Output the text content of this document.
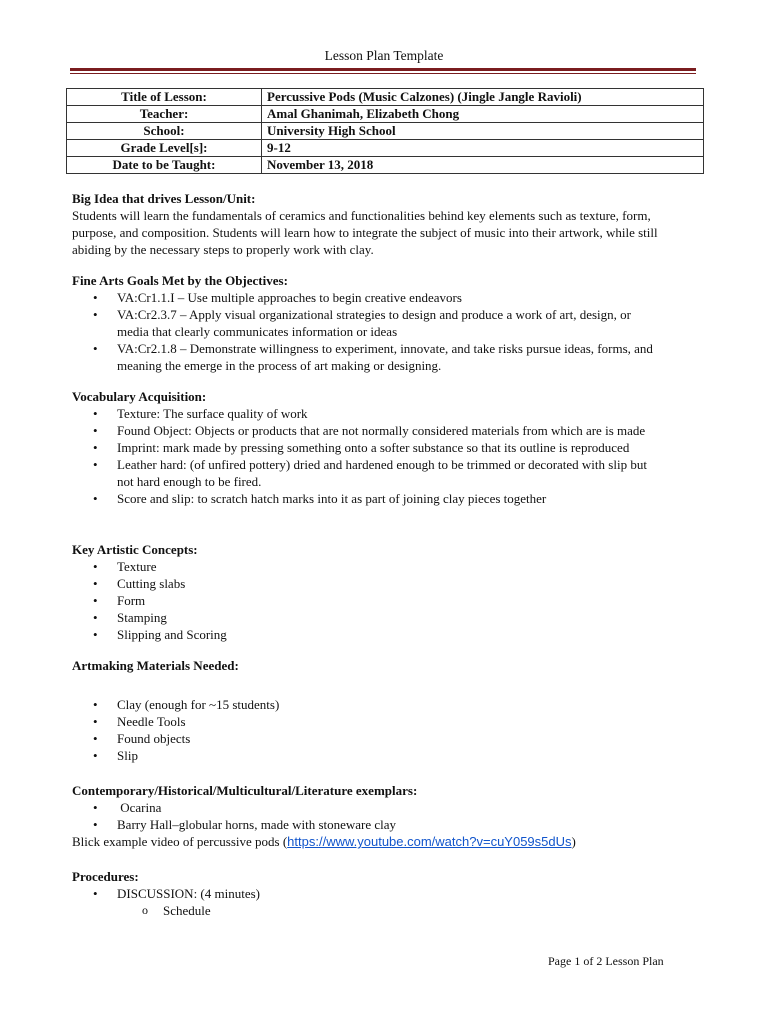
Lesson Plan Template
Title of Lesson:	Percussive Pods (Music Calzones) (Jingle Jangle Ravioli)
Teacher:	Amal Ghanimah, Elizabeth Chong
School:	University High School
Grade Level[s]:	9-12
Date to be Taught:	November 13, 2018
Big Idea that drives Lesson/Unit:
Students will learn the fundamentals of ceramics and functionalities behind key elements such as texture, form,
purpose, and composition. Students will learn how to integrate the subject of music into their artwork, while still
abiding by the necessary steps to properly work with clay.
Fine Arts Goals Met by the Objectives:
• VA:Cr1.1.I – Use multiple approaches to begin creative endeavors
• VA:Cr2.3.7 – Apply visual organizational strategies to design and produce a work of art, design, or
media that clearly communicates information or ideas
• VA:Cr2.1.8 – Demonstrate willingness to experiment, innovate, and take risks pursue ideas, forms, and
meaning the emerge in the process of art making or designing.
Vocabulary Acquisition:
• Texture: The surface quality of work
• Found Object: Objects or products that are not normally considered materials from which are is made
• Imprint: mark made by pressing something onto a softer substance so that its outline is reproduced
• Leather hard: (of unfired pottery) dried and hardened enough to be trimmed or decorated with slip but
not hard enough to be fired.
• Score and slip: to scratch hatch marks into it as part of joining clay pieces together
Key Artistic Concepts:
• Texture
• Cutting slabs
• Form
• Stamping
• Slipping and Scoring
Artmaking Materials Needed:
• Clay (enough for ~15 students)
• Needle Tools
• Found objects
• Slip
Contemporary/Historical/Multicultural/Literature exemplars:
•  Ocarina
• Barry Hall–globular horns, made with stoneware clay
Blick example video of percussive pods (https://www.youtube.com/watch?v=cuY059s5dUs)
Procedures:
• DISCUSSION: (4 minutes)
o Schedule
Page 1 of 2 Lesson Plan
